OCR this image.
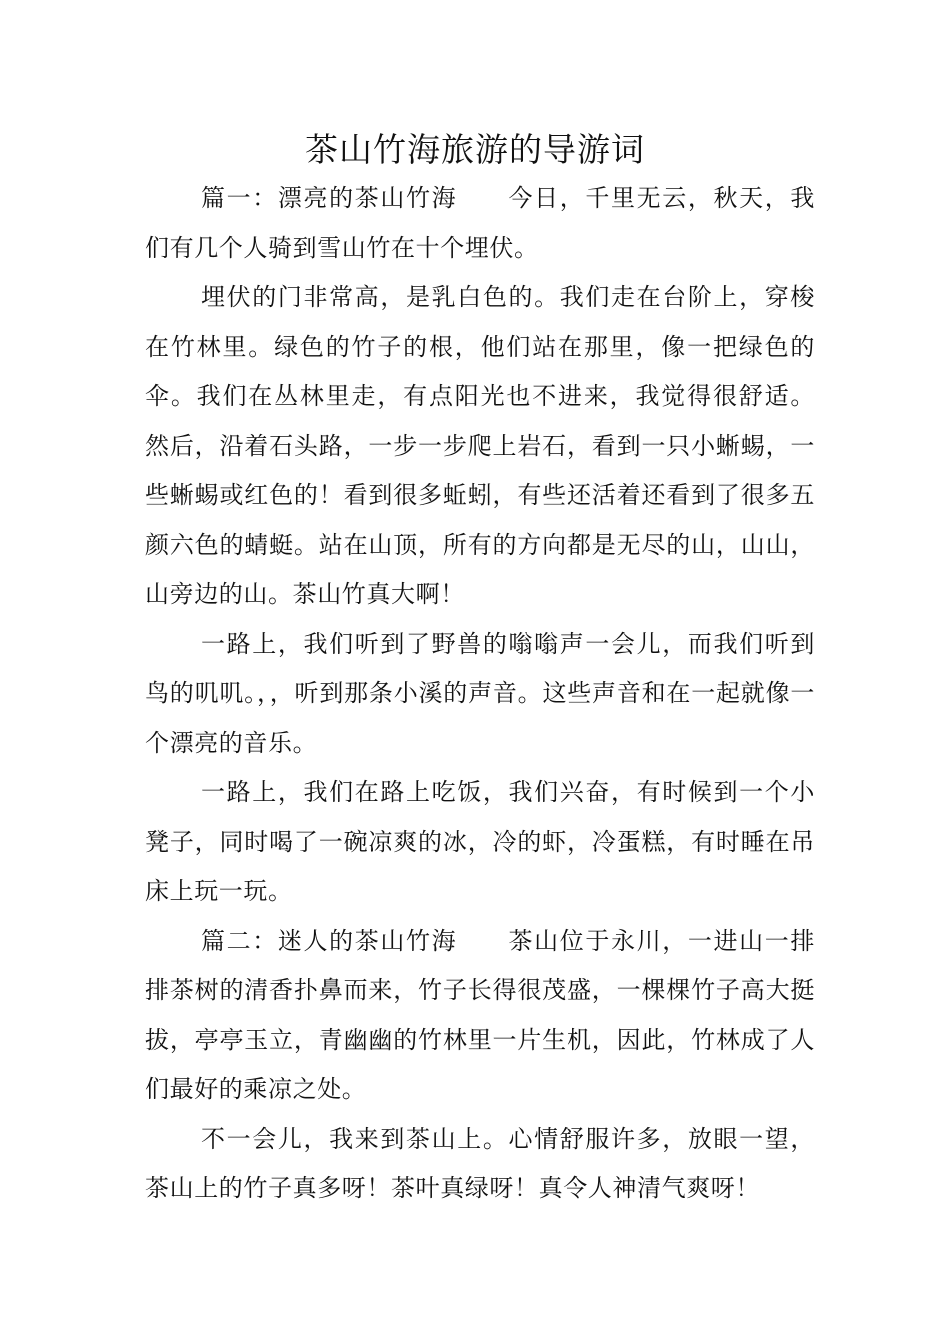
茶山竹海旅游的导游词

篇一：漂亮的茶山竹海　　今日，千里无云，秋天，我们有几个人骑到雪山竹在十个埋伏。

埋伏的门非常高，是乳白色的。我们走在台阶上，穿梭在竹林里。绿色的竹子的根，他们站在那里，像一把绿色的伞。我们在丛林里走，有点阳光也不进来，我觉得很舒适。 然后，沿着石头路，一步一步爬上岩石，看到一只小蜥蜴，一些蜥蜴或红色的！看到很多蚯蚓，有些还活着还看到了很多五颜六色的蜻蜓。站在山顶，所有的方向都是无尽的山，山山，山旁边的山。茶山竹真大啊！

一路上，我们听到了野兽的嗡嗡声一会儿，而我们听到鸟的叽叽。，，听到那条小溪的声音。这些声音和在一起就像一个漂亮的音乐。

一路上，我们在路上吃饭，我们兴奋，有时候到一个小凳子，同时喝了一碗凉爽的冰，冷的虾，冷蛋糕，有时睡在吊床上玩一玩。

篇二：迷人的茶山竹海　　茶山位于永川，一进山一排排茶树的清香扑鼻而来，竹子长得很茂盛，一棵棵竹子高大挺拔，亭亭玉立，青幽幽的竹林里一片生机，因此，竹林成了人们最好的乘凉之处。

不一会儿，我来到茶山上。心情舒服许多，放眼一望，茶山上的竹子真多呀！茶叶真绿呀！真令人神清气爽呀！
